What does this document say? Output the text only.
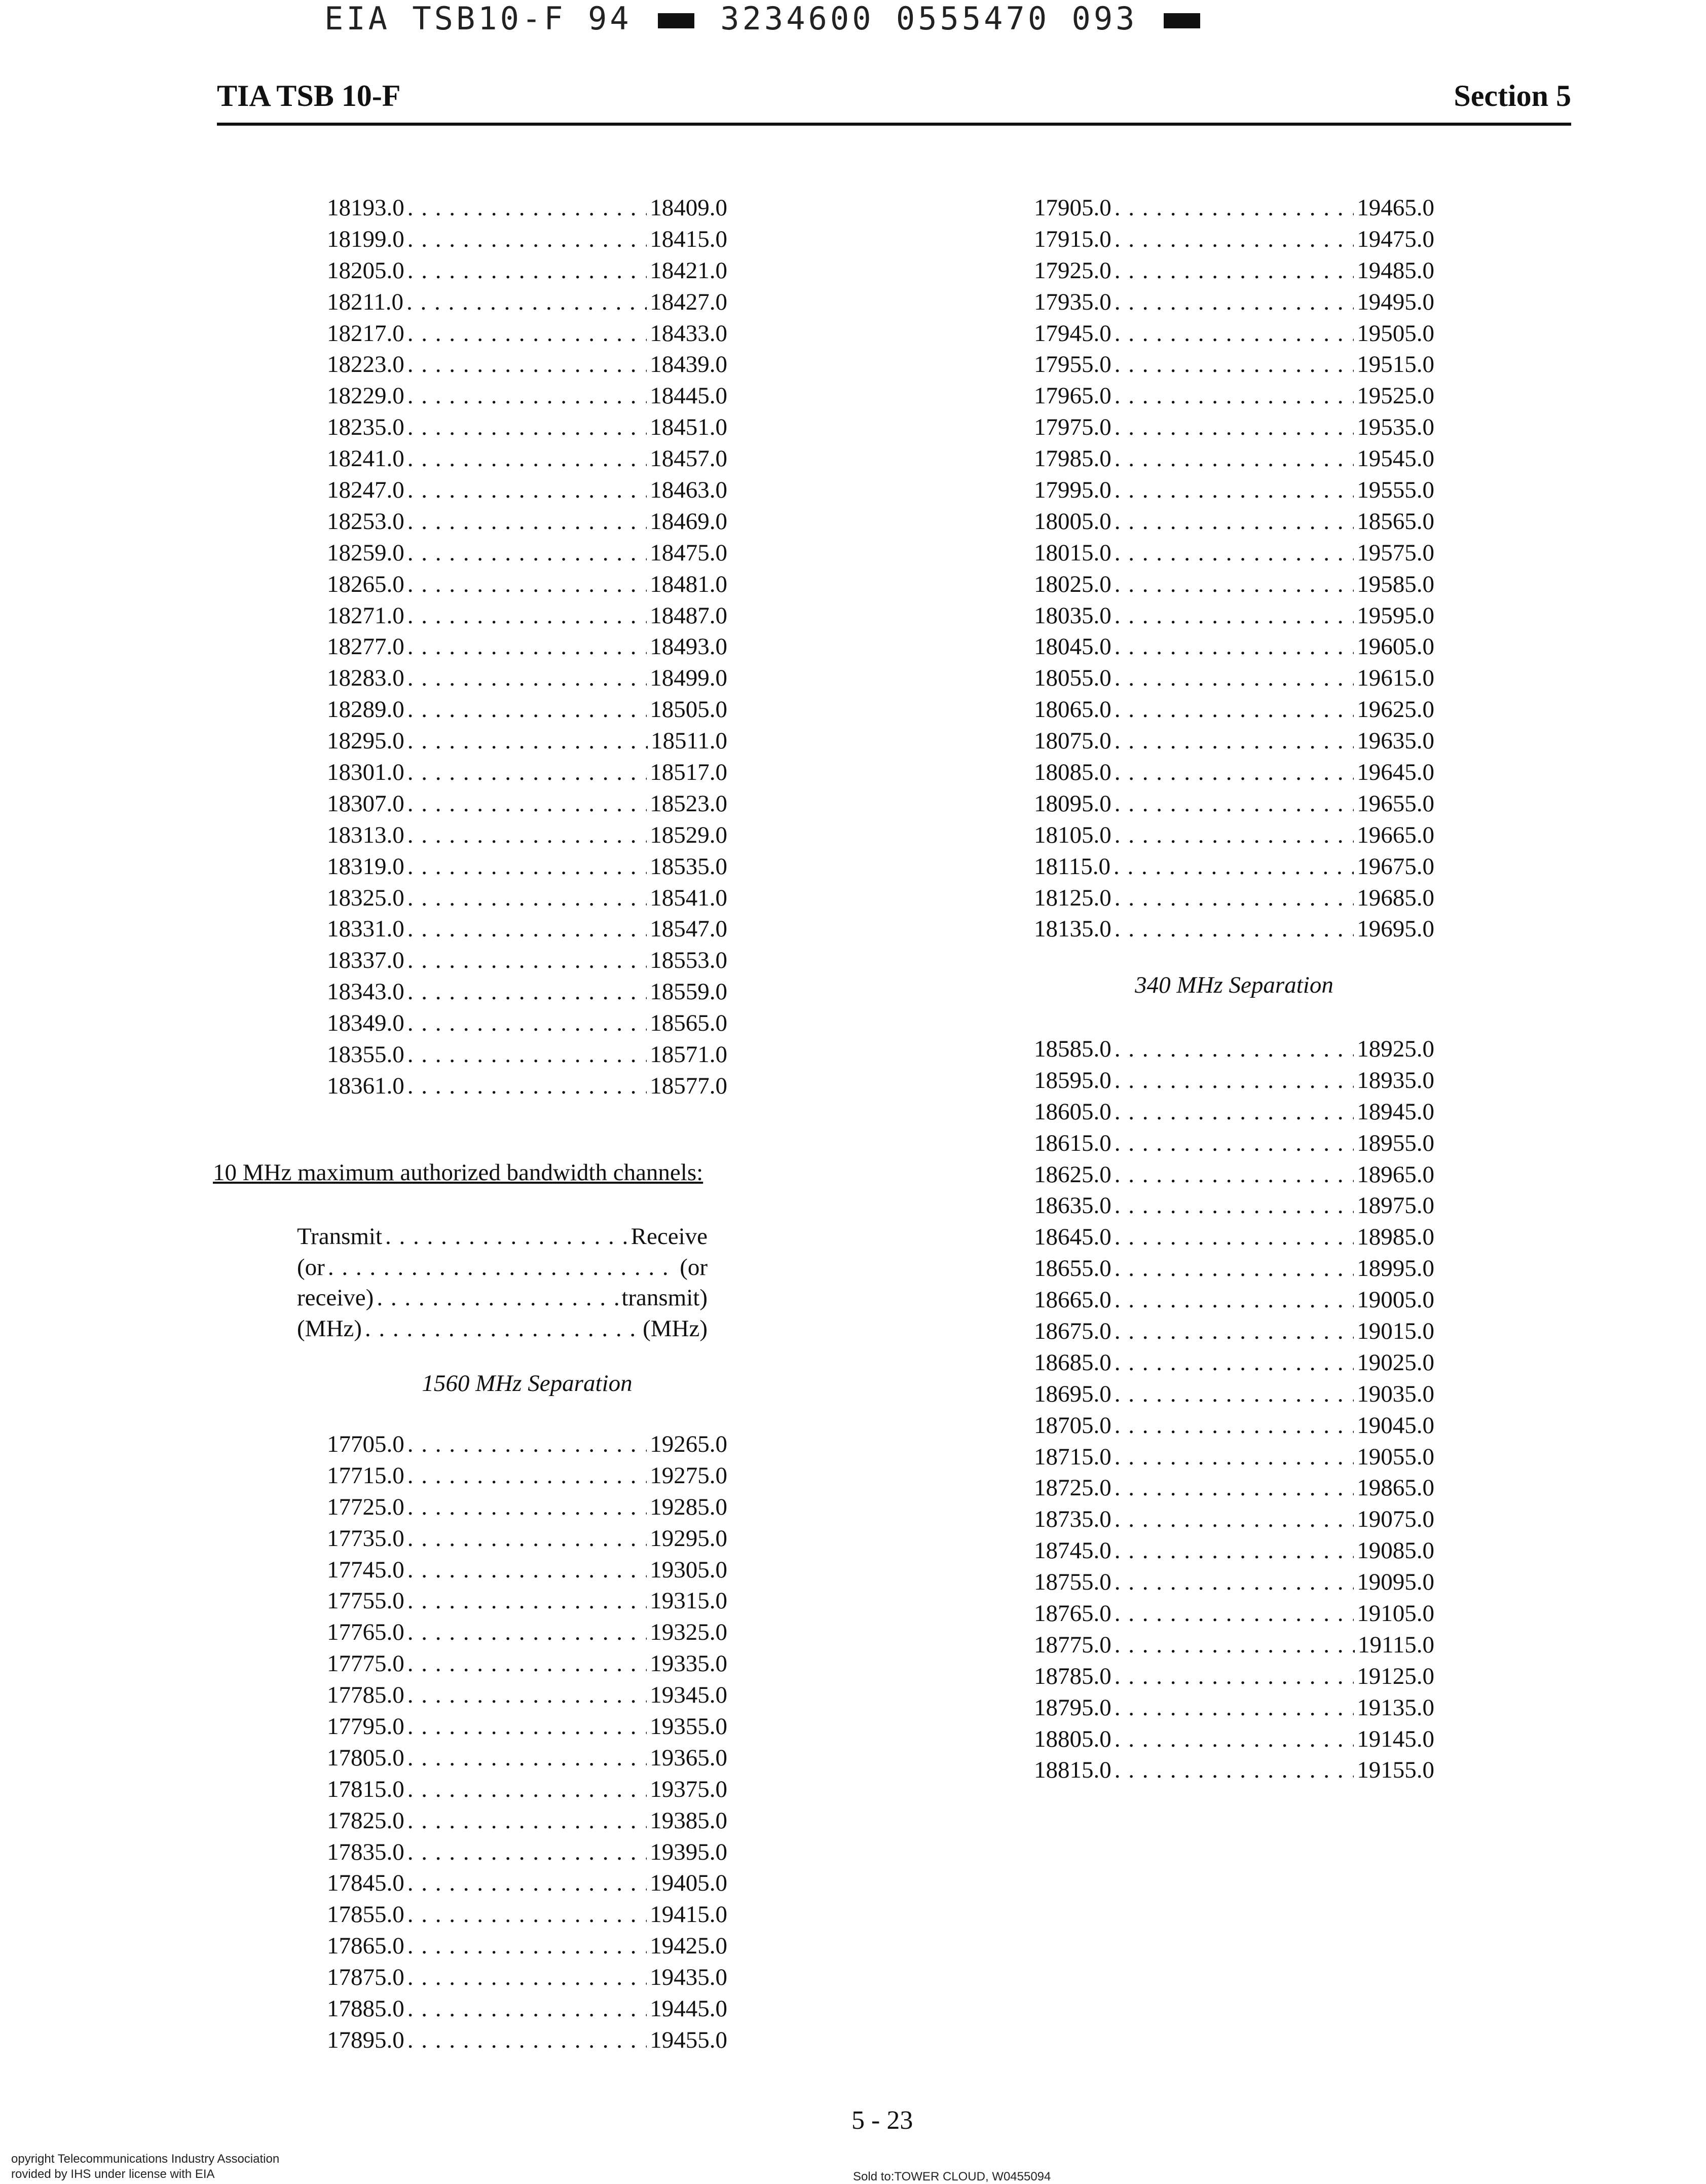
EIA TSB10-F 94	3234600 0555470 093
TIA TSB 10-F	Section 5
18193.0 . . .	18409.0
18199.0 . . .	18415.0
18205.0 . . .	18421.0
18211.0 . . .	18427.0
18217.0 . . .	18433.0
18223.0 . . .	18439.0
18229.0 . . .	18445.0
18235.0 . . .	18451.0
18241.0 . . .	18457.0
18247.0 . . .	18463.0
18253.0 . . .	18469.0
18259.0 . . .	18475.0
18265.0 . . .	18481.0
18271.0 . . .	18487.0
18277.0 . . .	18493.0
18283.0 . . .	18499.0
18289.0 . . .	18505.0
18295.0 . . .	18511.0
18301.0 . . .	18517.0
18307.0 . . .	18523.0
18313.0 . . .	18529.0
18319.0 . . .	18535.0
18325.0 . . .	18541.0
18331.0 . . .	18547.0
18337.0 . . .	18553.0
18343.0 . . .	18559.0
18349.0 . . .	18565.0
18355.0 . . .	18571.0
18361.0 . . .	18577.0
10 MHz maximum authorized bandwidth channels:
Transmit . . .	Receive
(or . . .	(or
receive) . . .	transmit)
(MHz) . . .	(MHz)
1560 MHz Separation
17705.0 . . .	19265.0
17715.0 . . .	19275.0
17725.0 . . .	19285.0
17735.0 . . .	19295.0
17745.0 . . .	19305.0
17755.0 . . .	19315.0
17765.0 . . .	19325.0
17775.0 . . .	19335.0
17785.0 . . .	19345.0
17795.0 . . .	19355.0
17805.0 . . .	19365.0
17815.0 . . .	19375.0
17825.0 . . .	19385.0
17835.0 . . .	19395.0
17845.0 . . .	19405.0
17855.0 . . .	19415.0
17865.0 . . .	19425.0
17875.0 . . .	19435.0
17885.0 . . .	19445.0
17895.0 . . .	19455.0
17905.0 . . .	19465.0
17915.0 . . .	19475.0
17925.0 . . .	19485.0
17935.0 . . .	19495.0
17945.0 . . .	19505.0
17955.0 . . .	19515.0
17965.0 . . .	19525.0
17975.0 . . .	19535.0
17985.0 . . .	19545.0
17995.0 . . .	19555.0
18005.0 . . .	18565.0
18015.0 . . .	19575.0
18025.0 . . .	19585.0
18035.0 . . .	19595.0
18045.0 . . .	19605.0
18055.0 . . .	19615.0
18065.0 . . .	19625.0
18075.0 . . .	19635.0
18085.0 . . .	19645.0
18095.0 . . .	19655.0
18105.0 . . .	19665.0
18115.0 . . .	19675.0
18125.0 . . .	19685.0
18135.0 . . .	19695.0
340 MHz Separation
18585.0 . . .	18925.0
18595.0 . . .	18935.0
18605.0 . . .	18945.0
18615.0 . . .	18955.0
18625.0 . . .	18965.0
18635.0 . . .	18975.0
18645.0 . . .	18985.0
18655.0 . . .	18995.0
18665.0 . . .	19005.0
18675.0 . . .	19015.0
18685.0 . . .	19025.0
18695.0 . . .	19035.0
18705.0 . . .	19045.0
18715.0 . . .	19055.0
18725.0 . . .	19865.0
18735.0 . . .	19075.0
18745.0 . . .	19085.0
18755.0 . . .	19095.0
18765.0 . . .	19105.0
18775.0 . . .	19115.0
18785.0 . . .	19125.0
18795.0 . . .	19135.0
18805.0 . . .	19145.0
18815.0 . . .	19155.0
5 - 23
opyright Telecommunications Industry Association
rovided by IHS under license with EIA	Sold to:TOWER CLOUD, W0455094
